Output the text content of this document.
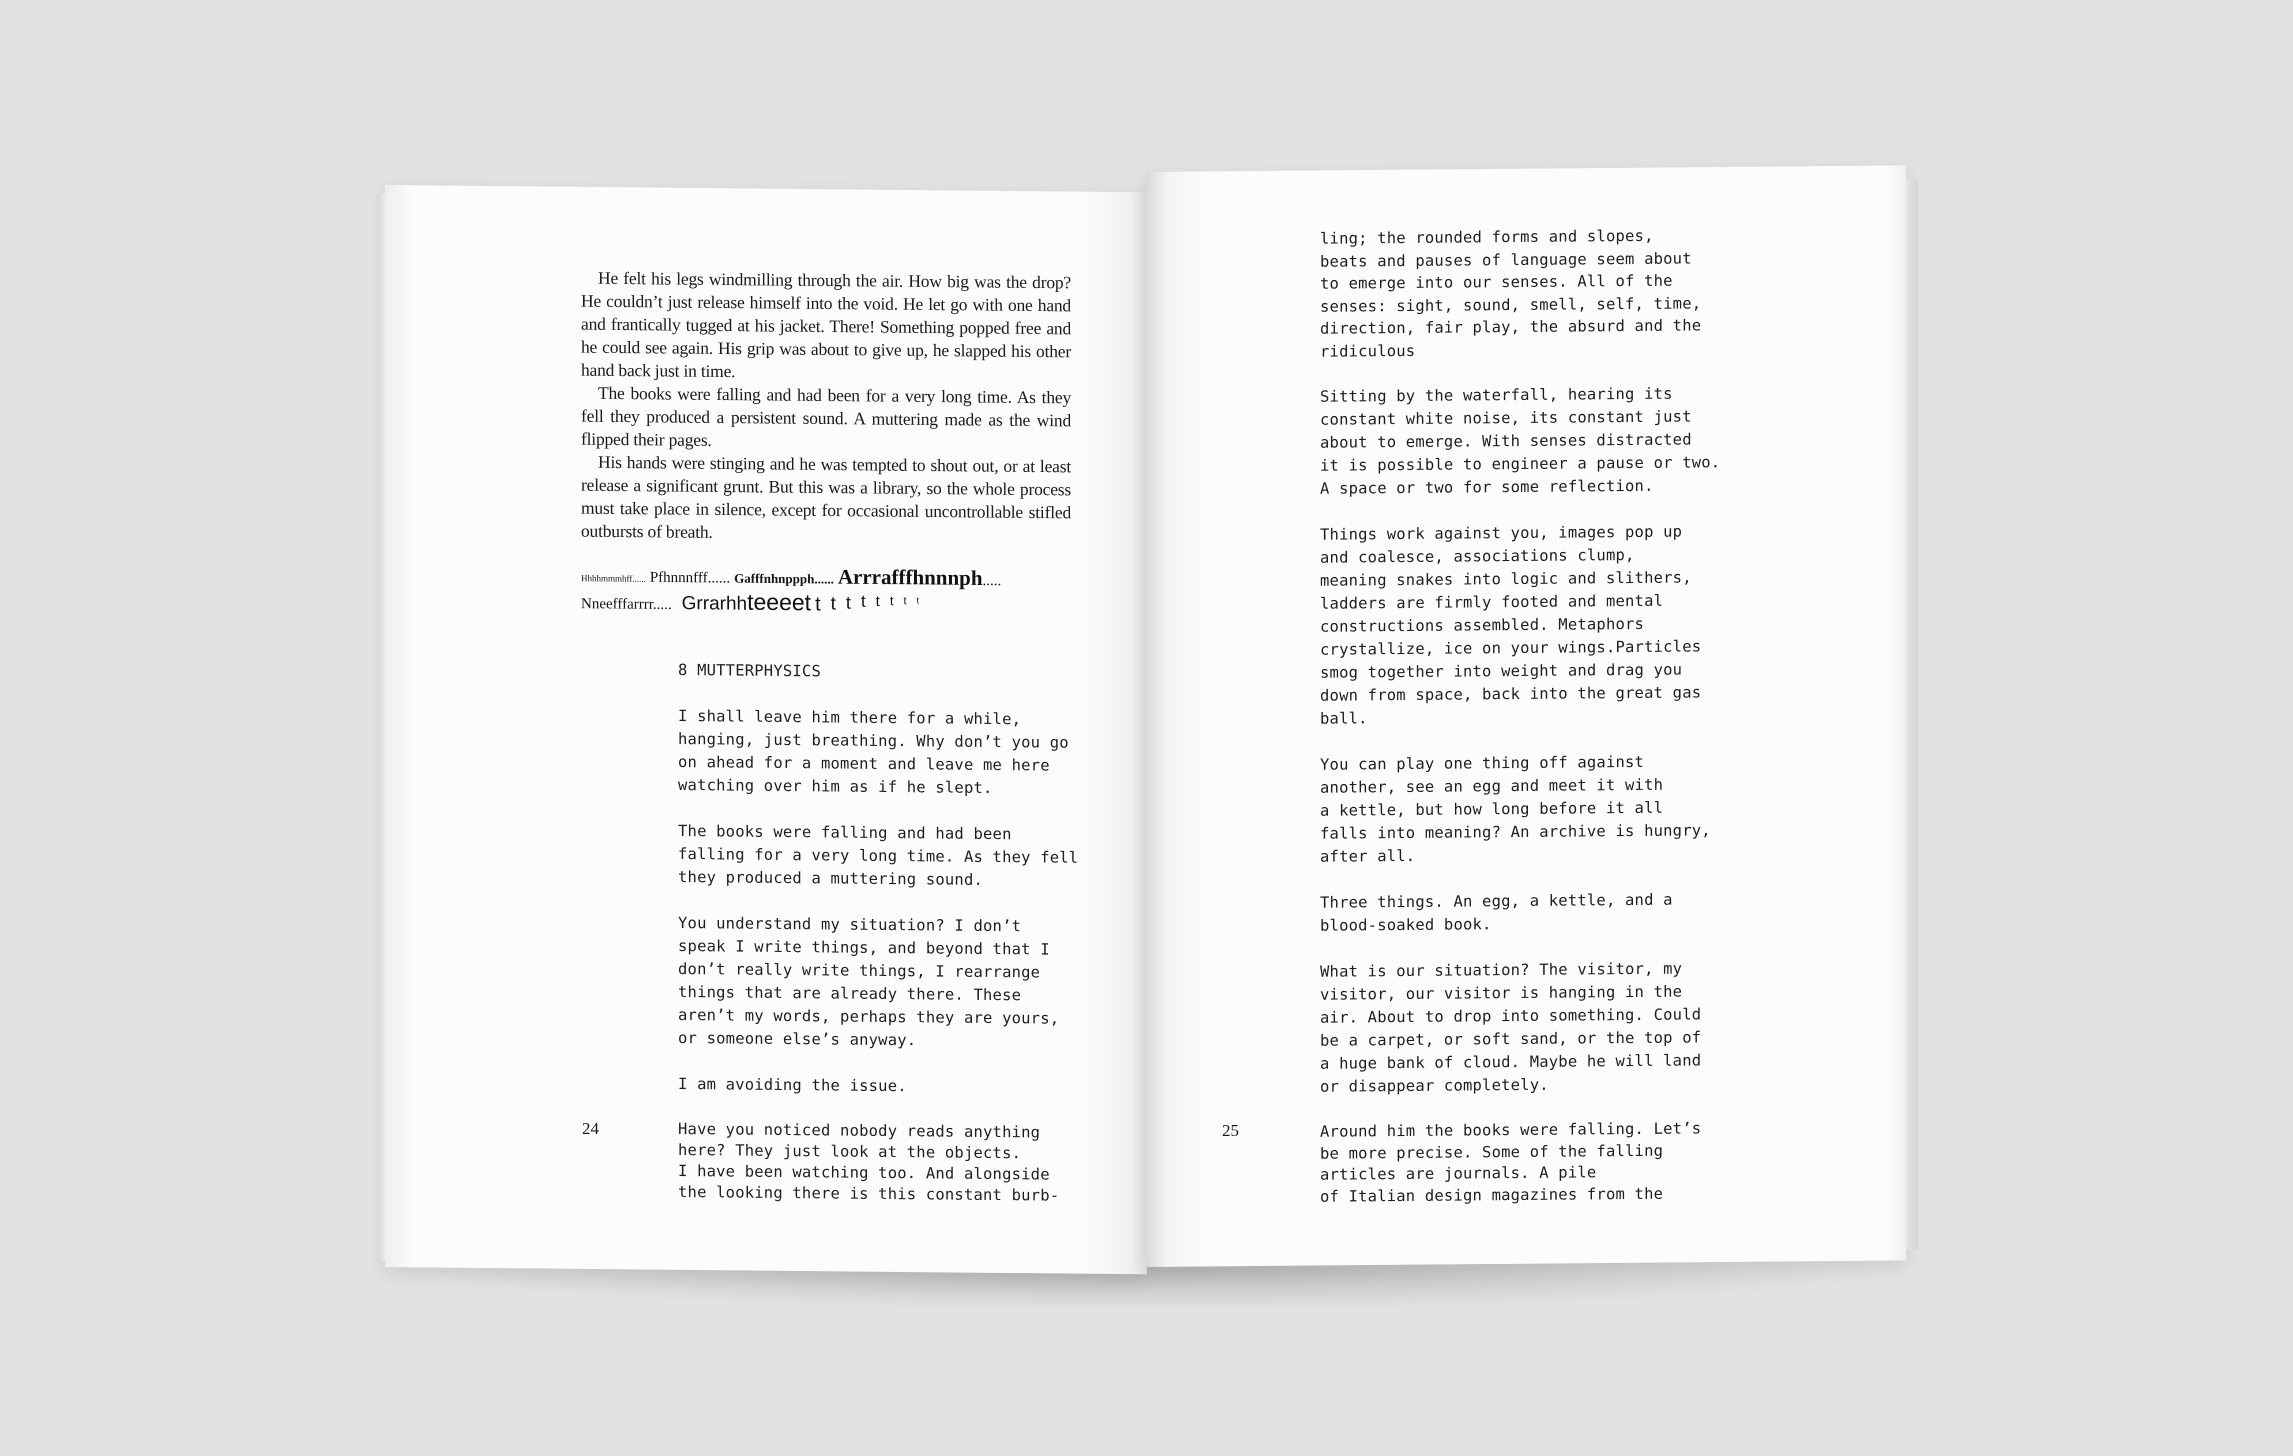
He felt his legs windmilling through the air. How big was the drop? He couldn’t just release himself into the void. He let go with one hand and frantically tugged at his jacket. There! Something popped free and he could see again. His grip was about to give up, he slapped his other hand back just in time.

The books were falling and had been for a very long time. As they fell they produced a persistent sound. A muttering made as the wind flipped their pages.

His hands were stinging and he was tempted to shout out, or at least release a significant grunt. But this was a library, so the whole process must take place in silence, except for occasional uncontrollable stifled outbursts of breath.

Hhhhmmmhff...... Pfhnnnfff...... Gafffnhnppph...... Arrrafffhnnnph.....
Nneefffarrrr..... Grrarhhteeeet tttttttt

8 MUTTERPHYSICS

I shall leave him there for a while,
hanging, just breathing. Why don’t you go
on ahead for a moment and leave me here
watching over him as if he slept.

The books were falling and had been
falling for a very long time. As they fell
they produced a muttering sound.

You understand my situation? I don’t
speak I write things, and beyond that I
don’t really write things, I rearrange
things that are already there. These
aren’t my words, perhaps they are yours,
or someone else’s anyway.

I am avoiding the issue.

Have you noticed nobody reads anything
here? They just look at the objects.
I have been watching too. And alongside
the looking there is this constant burb-

24

ling; the rounded forms and slopes,
beats and pauses of language seem about
to emerge into our senses. All of the
senses: sight, sound, smell, self, time,
direction, fair play, the absurd and the
ridiculous

Sitting by the waterfall, hearing its
constant white noise, its constant just
about to emerge. With senses distracted
it is possible to engineer a pause or two.
A space or two for some reflection.

Things work against you, images pop up
and coalesce, associations clump,
meaning snakes into logic and slithers,
ladders are firmly footed and mental
constructions assembled. Metaphors
crystallize, ice on your wings.Particles
smog together into weight and drag you
down from space, back into the great gas
ball.

You can play one thing off against
another, see an egg and meet it with
a kettle, but how long before it all
falls into meaning? An archive is hungry,
after all.

Three things. An egg, a kettle, and a
blood-soaked book.

What is our situation? The visitor, my
visitor, our visitor is hanging in the
air. About to drop into something. Could
be a carpet, or soft sand, or the top of
a huge bank of cloud. Maybe he will land
or disappear completely.

Around him the books were falling. Let’s
be more precise. Some of the falling
articles are journals. A pile
of Italian design magazines from the

25
